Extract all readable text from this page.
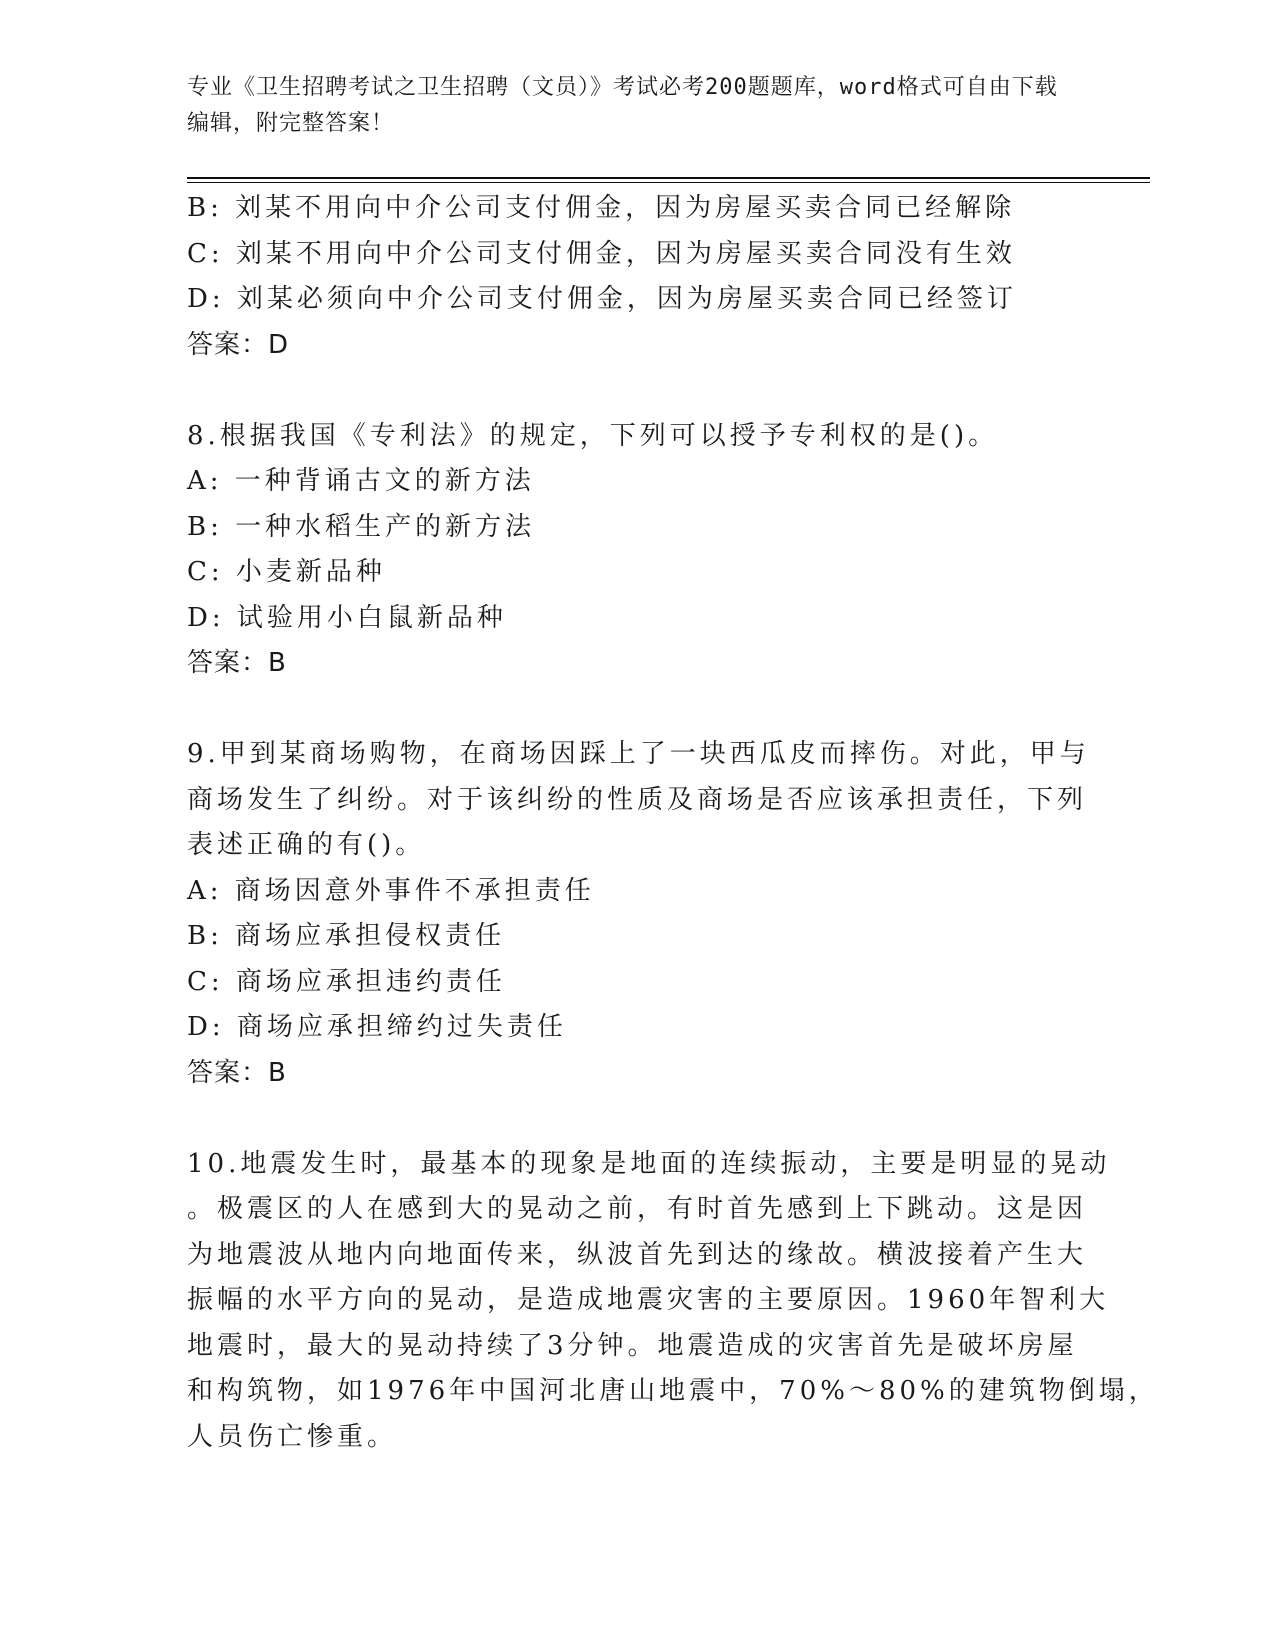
专业《卫生招聘考试之卫生招聘（文员）》考试必考200题题库，word格式可自由下载编辑，附完整答案！
B: 刘某不用向中介公司支付佣金，因为房屋买卖合同已经解除
C: 刘某不用向中介公司支付佣金，因为房屋买卖合同没有生效
D: 刘某必须向中介公司支付佣金，因为房屋买卖合同已经签订
答案：D
8.根据我国《专利法》的规定，下列可以授予专利权的是()。
A: 一种背诵古文的新方法
B: 一种水稻生产的新方法
C: 小麦新品种
D: 试验用小白鼠新品种
答案：B
9.甲到某商场购物，在商场因踩上了一块西瓜皮而摔伤。对此，甲与
商场发生了纠纷。对于该纠纷的性质及商场是否应该承担责任，下列
表述正确的有()。
A: 商场因意外事件不承担责任
B: 商场应承担侵权责任
C: 商场应承担违约责任
D: 商场应承担缔约过失责任
答案：B
10.地震发生时，最基本的现象是地面的连续振动，主要是明显的晃动
。极震区的人在感到大的晃动之前，有时首先感到上下跳动。这是因
为地震波从地内向地面传来，纵波首先到达的缘故。横波接着产生大
振幅的水平方向的晃动，是造成地震灾害的主要原因。1960年智利大
地震时，最大的晃动持续了3分钟。地震造成的灾害首先是破坏房屋
和构筑物，如1976年中国河北唐山地震中，70%～80%的建筑物倒塌，
人员伤亡惨重。
